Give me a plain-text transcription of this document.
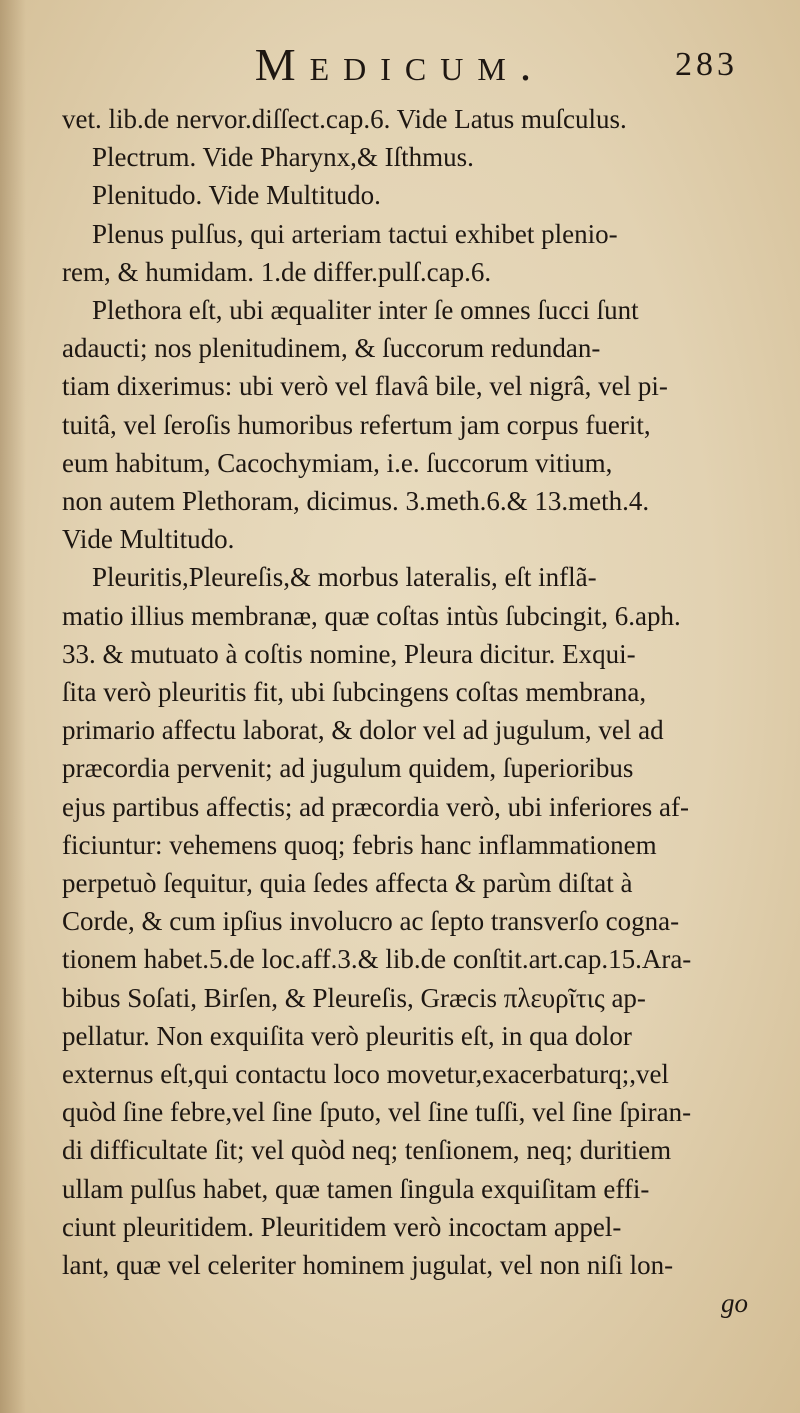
Medicum.	283
vet. lib.de nervor.diſſect.cap.6. Vide Latus muſculus.
Plectrum. Vide Pharynx,& Iſthmus.
Plenitudo. Vide Multitudo.
Plenus pulſus, qui arteriam tactui exhibet plenio-
rem, & humidam. 1.de differ.pulſ.cap.6.
Plethora eſt, ubi æqualiter inter ſe omnes ſucci ſunt
adaucti; nos plenitudinem, & ſuccorum redundan-
tiam dixerimus: ubi verò vel flavâ bile, vel nigrâ, vel pi-
tuitâ, vel ſeroſis humoribus refertum jam corpus fuerit,
eum habitum, Cacochymiam, i.e. ſuccorum vitium,
non autem Plethoram, dicimus. 3.meth.6.& 13.meth.4.
Vide Multitudo.
Pleuritis,Pleureſis,& morbus lateralis, eſt inflã-
matio illius membranæ, quæ coſtas intùs ſubcingit, 6.aph.
33. & mutuato à coſtis nomine, Pleura dicitur. Exqui-
ſita verò pleuritis fit, ubi ſubcingens coſtas membrana,
primario affectu laborat, & dolor vel ad jugulum, vel ad
præcordia pervenit; ad jugulum quidem, ſuperioribus
ejus partibus affectis; ad præcordia verò, ubi inferiores af-
ficiuntur: vehemens quoq; febris hanc inflammationem
perpetuò ſequitur, quia ſedes affecta & parùm diſtat à
Corde, & cum ipſius involucro ac ſepto transverſo cogna-
tionem habet.5.de loc.aff.3.& lib.de conſtit.art.cap.15.Ara-
bibus Soſati, Birſen, & Pleureſis, Græcis πλευρῖτις ap-
pellatur. Non exquiſita verò pleuritis eſt, in qua dolor
externus eſt,qui contactu loco movetur,exacerbaturq;,vel
quòd ſine febre,vel ſine ſputo, vel ſine tuſſi, vel ſine ſpiran-
di difficultate ſit; vel quòd neq; tenſionem, neq; duritiem
ullam pulſus habet, quæ tamen ſingula exquiſitam effi-
ciunt pleuritidem. Pleuritidem verò incoctam appel-
lant, quæ vel celeriter hominem jugulat, vel non niſi lon-
go
